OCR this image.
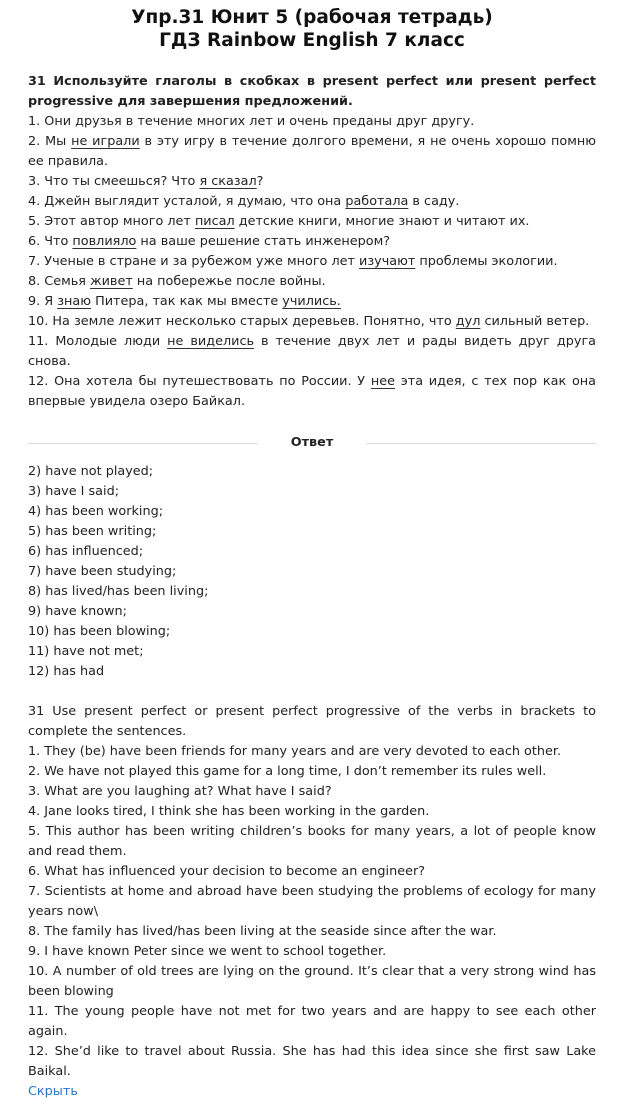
Упр.31 Юнит 5 (рабочая тетрадь)
ГДЗ Rainbow English 7 класс
31 Используйте глаголы в скобках в present perfect или present perfect progressive для завершения предложений.
1. Они друзья в течение многих лет и очень преданы друг другу.
2. Мы не играли в эту игру в течение долгого времени, я не очень хорошо помню ее правила.
3. Что ты смеешься? Что я сказал?
4. Джейн выглядит усталой, я думаю, что она работала в саду.
5. Этот автор много лет писал детские книги, многие знают и читают их.
6. Что повлияло на ваше решение стать инженером?
7. Ученые в стране и за рубежом уже много лет изучают проблемы экологии.
8. Семья живет на побережье после войны.
9. Я знаю Питера, так как мы вместе учились.
10. На земле лежит несколько старых деревьев. Понятно, что дул сильный ветер.
11. Молодые люди не виделись в течение двух лет и рады видеть друг друга снова.
12. Она хотела бы путешествовать по России. У нее эта идея, с тех пор как она впервые увидела озеро Байкал.
Ответ
2) have not played;
3) have I said;
4) has been working;
5) has been writing;
6) has influenced;
7) have been studying;
8) has lived/has been living;
9) have known;
10) has been blowing;
11) have not met;
12) has had
31 Use present perfect or present perfect progressive of the verbs in brackets to complete the sentences.
1. They (be) have been friends for many years and are very devoted to each other.
2. We have not played this game for a long time, I don’t remember its rules well.
3. What are you laughing at? What have I said?
4. Jane looks tired, I think she has been working in the garden.
5. This author has been writing children’s books for many years, a lot of people know and read them.
6. What has influenced your decision to become an engineer?
7. Scientists at home and abroad have been studying the problems of ecology for many years now\
8. The family has lived/has been living at the seaside since after the war.
9. I have known Peter since we went to school together.
10. A number of old trees are lying on the ground. It’s clear that a very strong wind has been blowing
11. The young people have not met for two years and are happy to see each other again.
12. She’d like to travel about Russia. She has had this idea since she first saw Lake Baikal.
Скрыть
